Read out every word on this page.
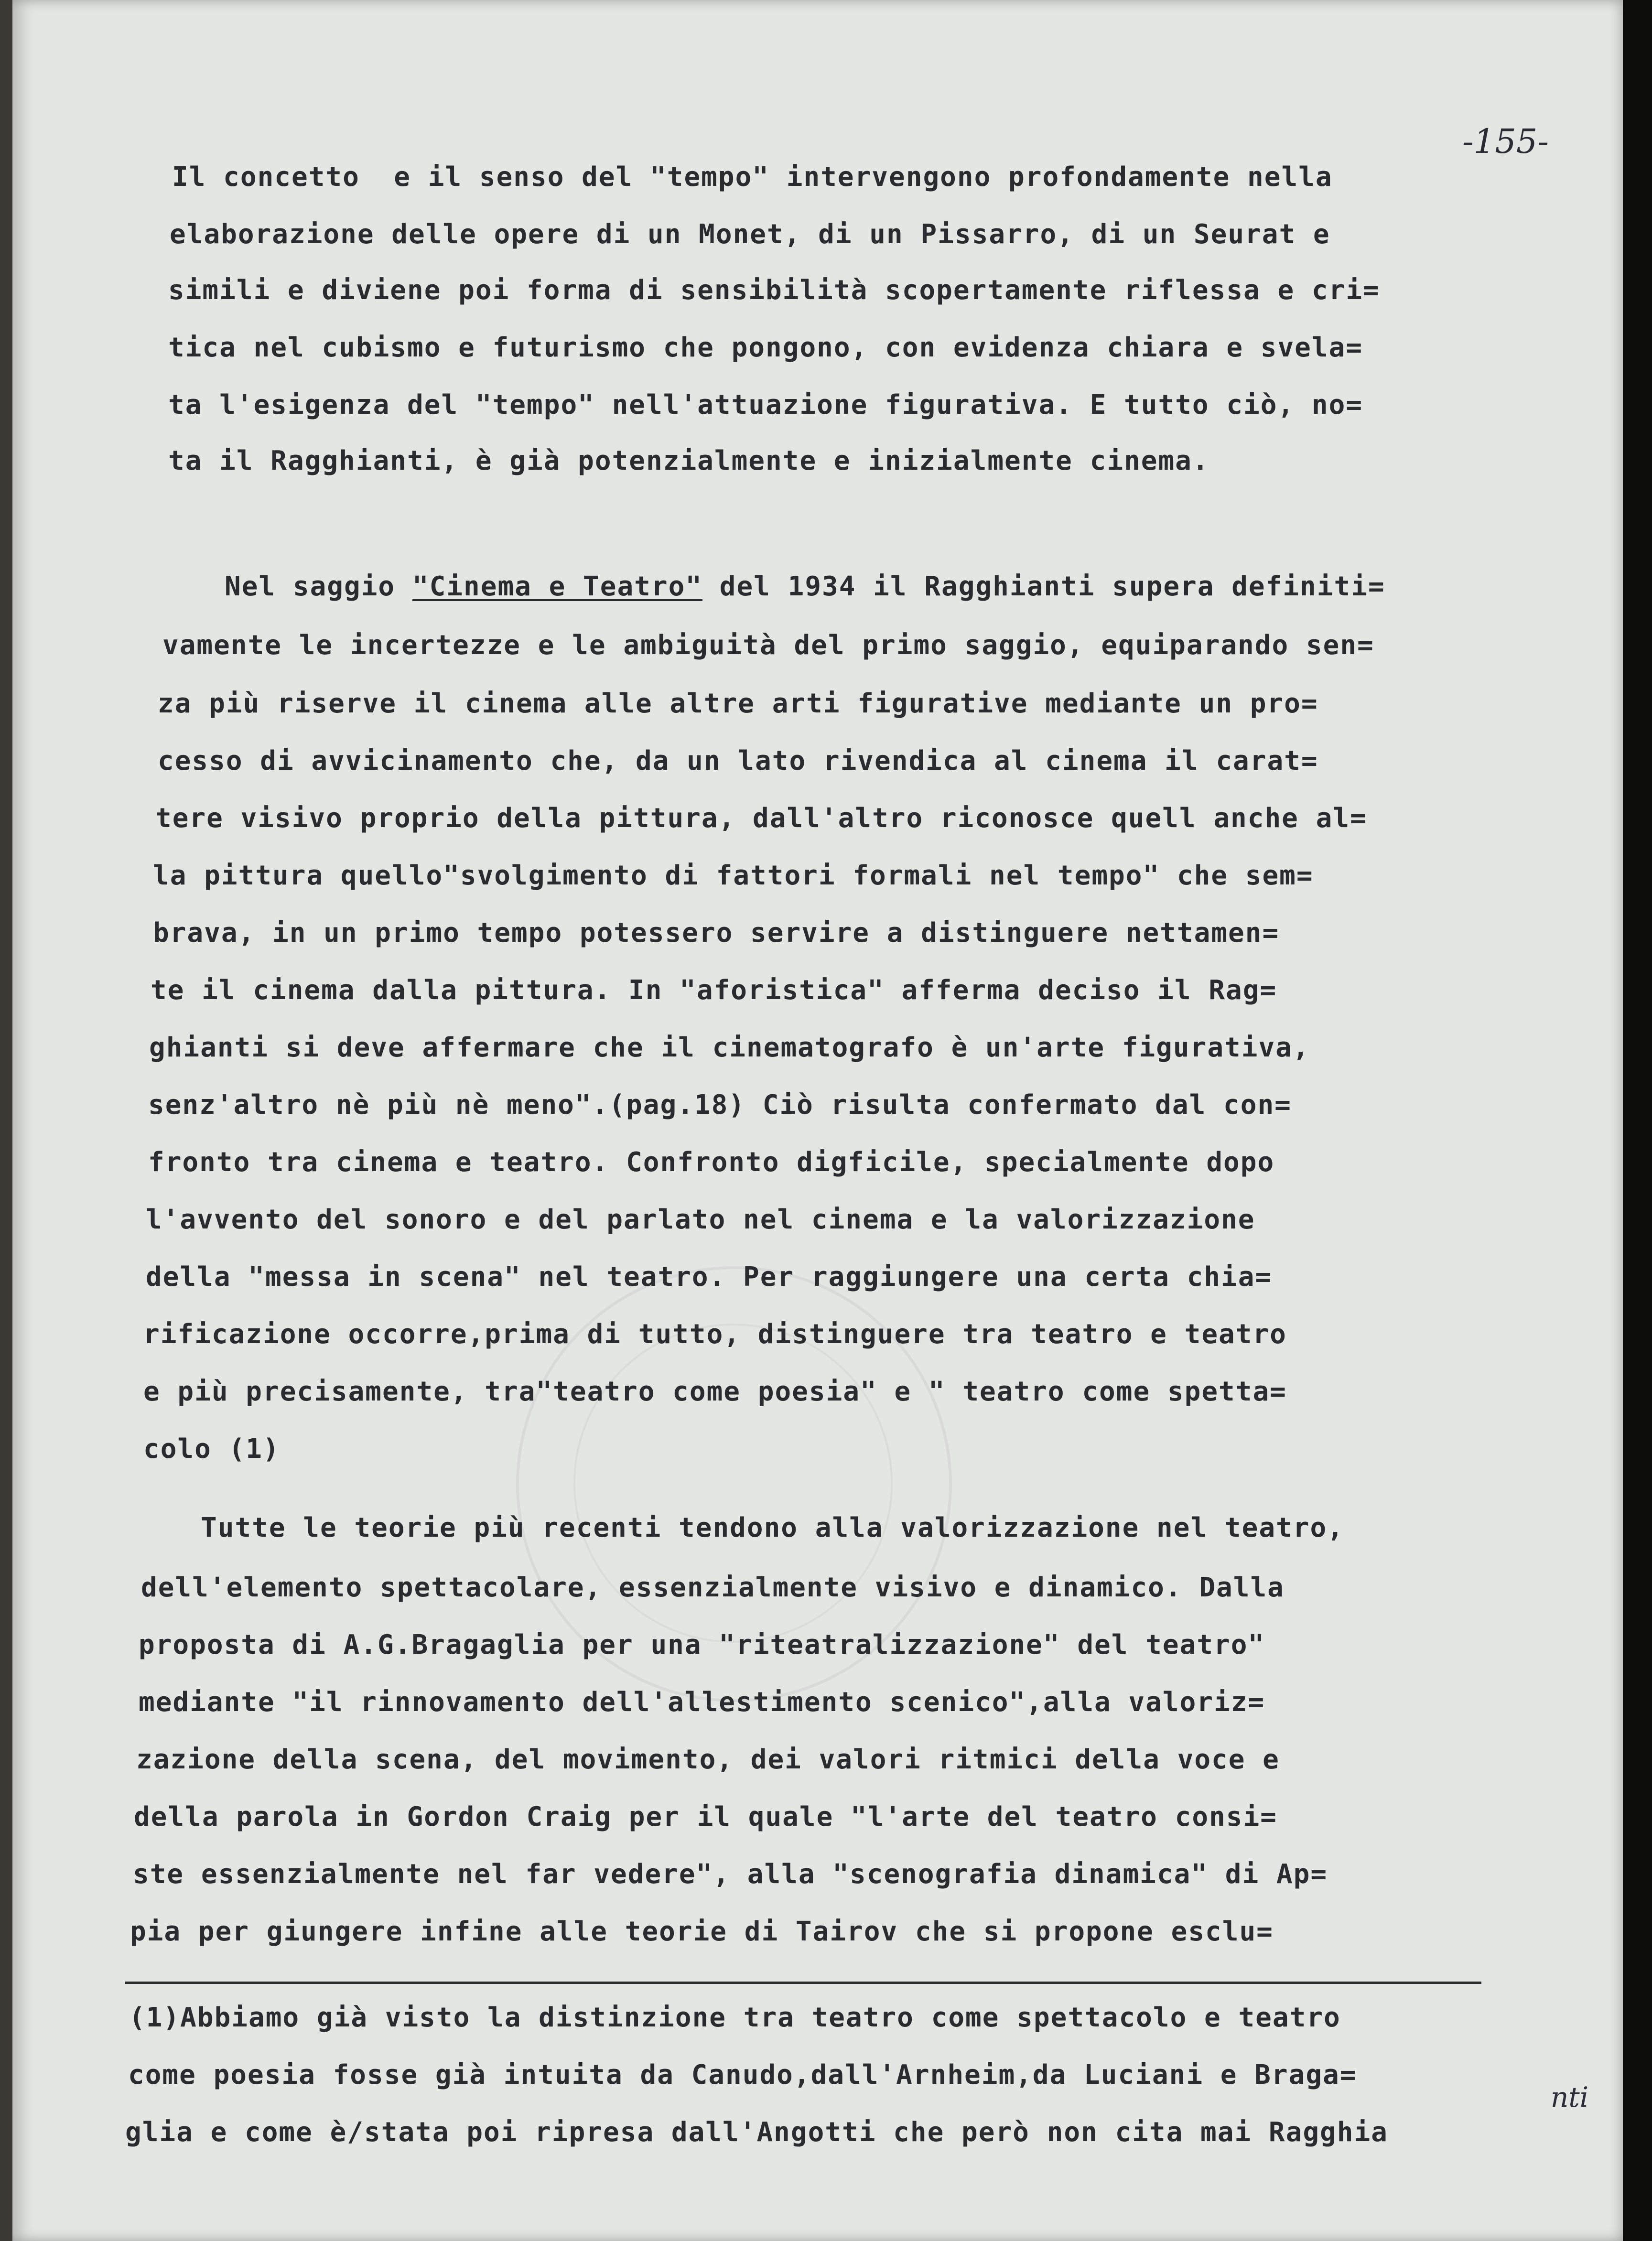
-155-
Il concetto  e il senso del "tempo" intervengono profondamente nella
elaborazione delle opere di un Monet, di un Pissarro, di un Seurat e
simili e diviene poi forma di sensibilità scopertamente riflessa e cri=
tica nel cubismo e futurismo che pongono, con evidenza chiara e svela=
ta l'esigenza del "tempo" nell'attuazione figurativa. E tutto ciò, no=
ta il Ragghianti, è già potenzialmente e inizialmente cinema.
Nel saggio "Cinema e Teatro" del 1934 il Ragghianti supera definiti=
vamente le incertezze e le ambiguità del primo saggio, equiparando sen=
za più riserve il cinema alle altre arti figurative mediante un pro=
cesso di avvicinamento che, da un lato rivendica al cinema il carat=
tere visivo proprio della pittura, dall'altro riconosce quell anche al=
la pittura quello"svolgimento di fattori formali nel tempo" che sem=
brava, in un primo tempo potessero servire a distinguere nettamen=
te il cinema dalla pittura. In "aforistica" afferma deciso il Rag=
ghianti si deve affermare che il cinematografo è un'arte figurativa,
senz'altro nè più nè meno".(pag.18) Ciò risulta confermato dal con=
fronto tra cinema e teatro. Confronto digficile, specialmente dopo
l'avvento del sonoro e del parlato nel cinema e la valorizzazione
della "messa in scena" nel teatro. Per raggiungere una certa chia=
rificazione occorre,prima di tutto, distinguere tra teatro e teatro
e più precisamente, tra"teatro come poesia" e " teatro come spetta=
colo (1)
Tutte le teorie più recenti tendono alla valorizzazione nel teatro,
dell'elemento spettacolare, essenzialmente visivo e dinamico. Dalla
proposta di A.G.Bragaglia per una "riteatralizzazione" del teatro"
mediante "il rinnovamento dell'allestimento scenico",alla valoriz=
zazione della scena, del movimento, dei valori ritmici della voce e
della parola in Gordon Craig per il quale "l'arte del teatro consi=
ste essenzialmente nel far vedere", alla "scenografia dinamica" di Ap=
pia per giungere infine alle teorie di Tairov che si propone esclu=
(1)Abbiamo già visto la distinzione tra teatro come spettacolo e teatro
come poesia fosse già intuita da Canudo,dall'Arnheim,da Luciani e Braga=
glia e come è/stata poi ripresa dall'Angotti che però non cita mai Ragghia
nti
